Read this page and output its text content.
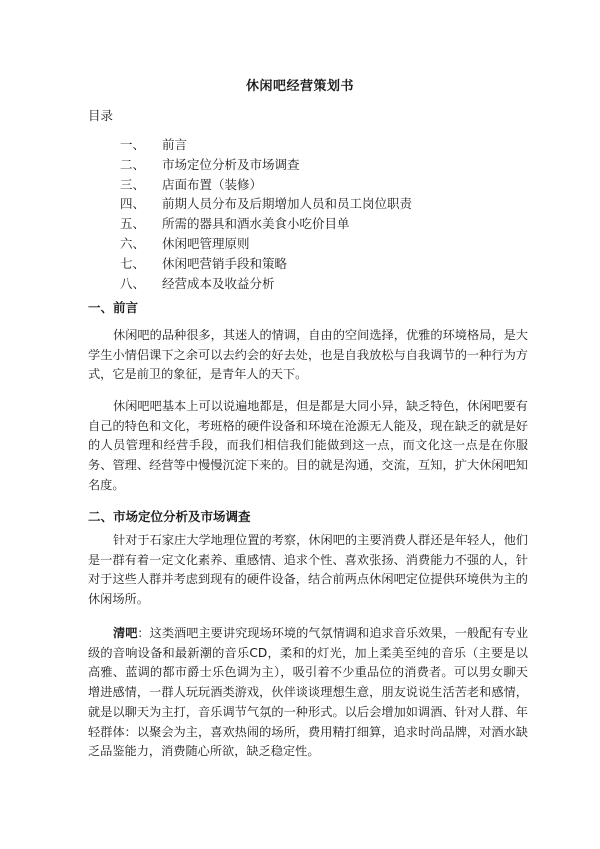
休闲吧经营策划书
目录
一、	前言
二、	市场定位分析及市场调查
三、	店面布置（装修）
四、	前期人员分布及后期增加人员和员工岗位职责
五、	所需的器具和酒水美食小吃价目单
六、	休闲吧管理原则
七、	休闲吧营销手段和策略
八、	经营成本及收益分析
一、前言

休闲吧的品种很多，其迷人的情调，自由的空间选择，优雅的环境格局，是大学生小情侣课下之余可以去约会的好去处，也是自我放松与自我调节的一种行为方式，它是前卫的象征，是青年人的天下。

休闲吧吧基本上可以说遍地都是，但是都是大同小异，缺乏特色，休闲吧要有自己的特色和文化，考班格的硬件设备和环境在沧源无人能及，现在缺乏的就是好的人员管理和经营手段，而我们相信我们能做到这一点，而文化这一点是在你服务、管理、经营等中慢慢沉淀下来的。目的就是沟通，交流，互知，扩大休闲吧知名度。

二、市场定位分析及市场调查

针对于石家庄大学地理位置的考察，休闲吧的主要消费人群还是年轻人，他们是一群有着一定文化素养、重感情、追求个性、喜欢张扬、消费能力不强的人，针对于这些人群并考虑到现有的硬件设备，结合前两点休闲吧定位提供环境供为主的休闲场所。

清吧：这类酒吧主要讲究现场环境的气氛情调和追求音乐效果，一般配有专业级的音响设备和最新潮的音乐CD，柔和的灯光，加上柔美至纯的音乐（主要是以高雅、蓝调的都市爵士乐色调为主），吸引着不少重品位的消费者。可以男女聊天增进感情，一群人玩玩酒类游戏，伙伴谈谈理想生意，朋友说说生活苦老和感情，就是以聊天为主打，音乐调节气氛的一种形式。以后会增加如调酒、针对人群、年轻群体：以聚会为主，喜欢热闹的场所，费用精打细算，追求时尚品牌，对酒水缺乏品鉴能力，消费随心所欲，缺乏稳定性。
